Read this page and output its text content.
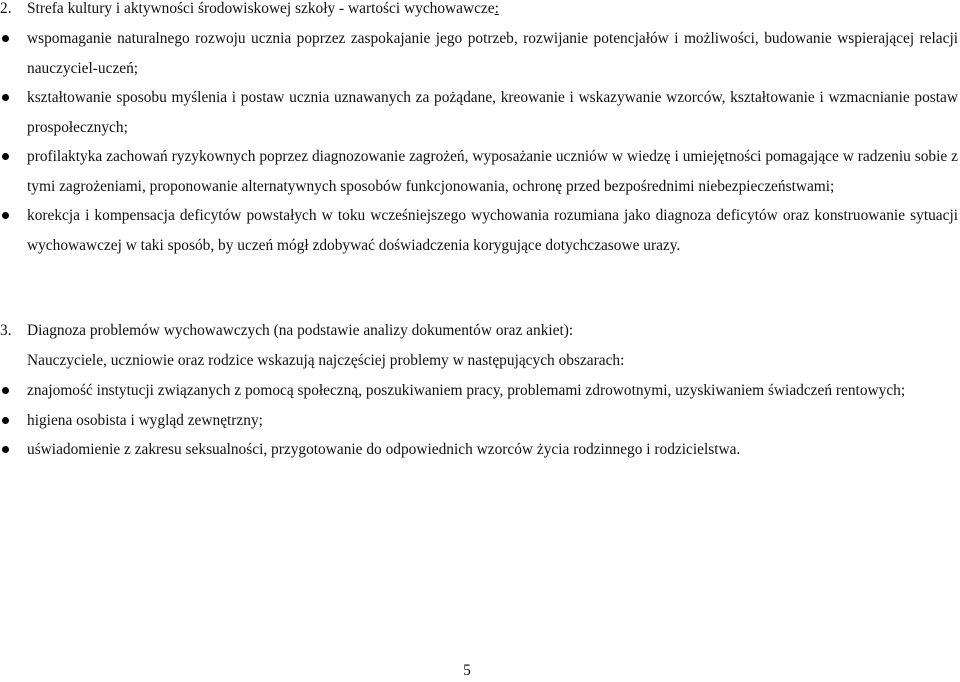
2. Strefa kultury i aktywności środowiskowej szkoły - wartości wychowawcze:
wspomaganie naturalnego rozwoju ucznia poprzez zaspokajanie jego potrzeb, rozwijanie potencjałów i możliwości, budowanie wspierającej relacji nauczyciel-uczeń;
kształtowanie sposobu myślenia i postaw ucznia uznawanych za pożądane, kreowanie i wskazywanie wzorców, kształtowanie i wzmacnianie postaw prospołecznych;
profilaktyka zachowań ryzykownych poprzez diagnozowanie zagrożeń, wyposażanie uczniów w wiedzę i umiejętności pomagające w radzeniu sobie z tymi zagrożeniami, proponowanie alternatywnych sposobów funkcjonowania, ochronę przed bezpośrednimi niebezpieczeństwami;
korekcja i kompensacja deficytów powstałych w toku wcześniejszego wychowania rozumiana jako diagnoza deficytów oraz konstruowanie sytuacji wychowawczej w taki sposób, by uczeń mógł zdobywać doświadczenia korygujące dotychczasowe urazy.
3. Diagnoza problemów wychowawczych (na podstawie analizy dokumentów oraz ankiet):
Nauczyciele, uczniowie oraz rodzice wskazują najczęściej problemy w następujących obszarach:
znajomość instytucji związanych z pomocą społeczną, poszukiwaniem pracy, problemami zdrowotnymi, uzyskiwaniem świadczeń rentowych;
higiena osobista i wygląd zewnętrzny;
uświadomienie z zakresu seksualności, przygotowanie do odpowiednich wzorców życia rodzinnego i rodzicielstwa.
5
